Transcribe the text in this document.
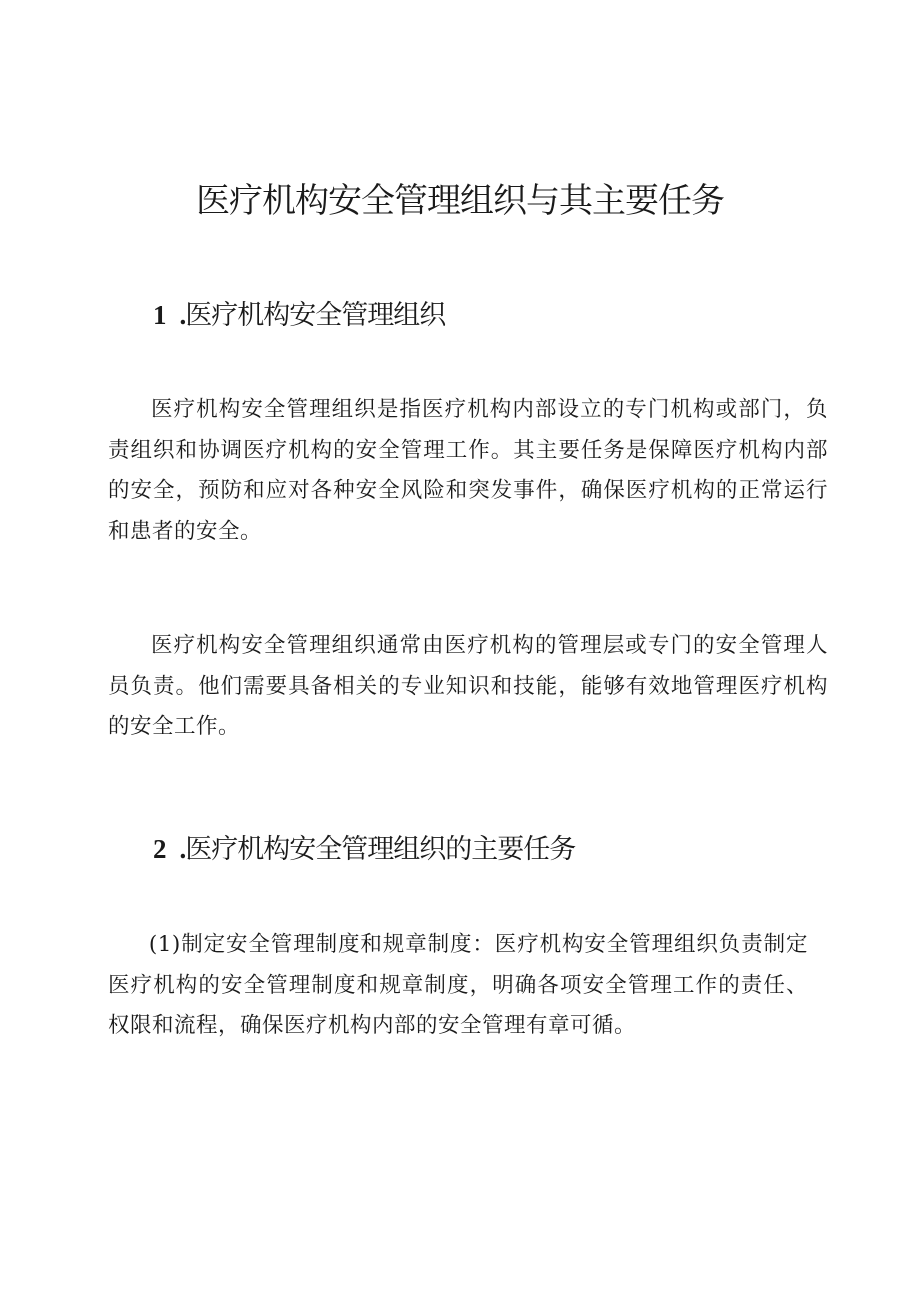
医疗机构安全管理组织与其主要任务
1 .医疗机构安全管理组织

医疗机构安全管理组织是指医疗机构内部设立的专门机构或部门，负责组织和协调医疗机构的安全管理工作。其主要任务是保障医疗机构内部的安全，预防和应对各种安全风险和突发事件，确保医疗机构的正常运行和患者的安全。

医疗机构安全管理组织通常由医疗机构的管理层或专门的安全管理人员负责。他们需要具备相关的专业知识和技能，能够有效地管理医疗机构的安全工作。

2 .医疗机构安全管理组织的主要任务

(1)制定安全管理制度和规章制度：医疗机构安全管理组织负责制定医疗机构的安全管理制度和规章制度，明确各项安全管理工作的责任、权限和流程，确保医疗机构内部的安全管理有章可循。
